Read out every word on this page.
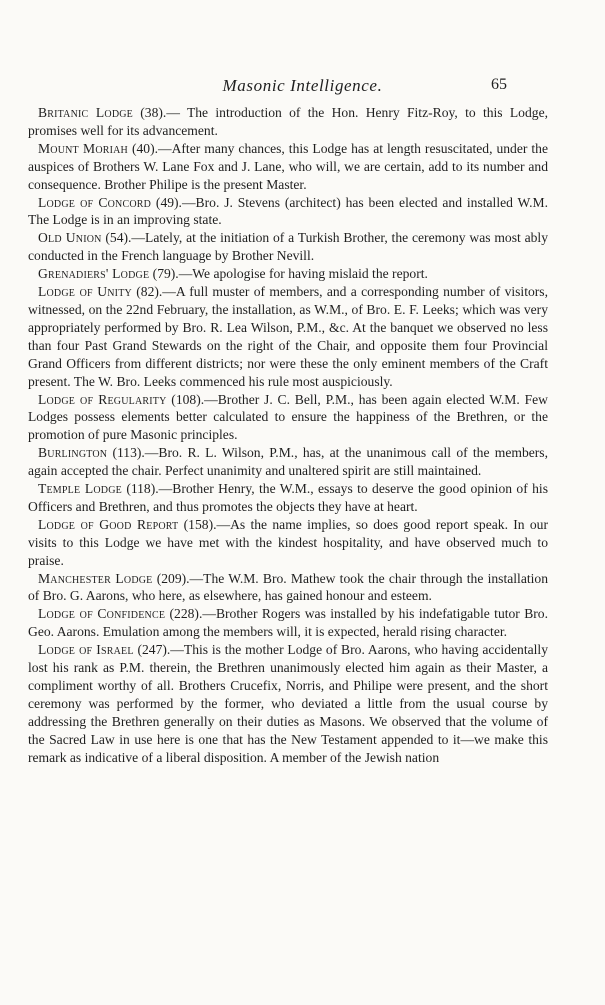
Masonic Intelligence.	65

Britanic Lodge (38).— The introduction of the Hon. Henry Fitz-Roy, to this Lodge, promises well for its advancement.

Mount Moriah (40).—After many chances, this Lodge has at length resuscitated, under the auspices of Brothers W. Lane Fox and J. Lane, who will, we are certain, add to its number and consequence. Brother Philipe is the present Master.

Lodge of Concord (49).—Bro. J. Stevens (architect) has been elected and installed W.M. The Lodge is in an improving state.

Old Union (54).—Lately, at the initiation of a Turkish Brother, the ceremony was most ably conducted in the French language by Brother Nevill.

Grenadiers' Lodge (79).—We apologise for having mislaid the report.

Lodge of Unity (82).—A full muster of members, and a corresponding number of visitors, witnessed, on the 22nd February, the installation, as W.M., of Bro. E. F. Leeks; which was very appropriately performed by Bro. R. Lea Wilson, P.M., &c. At the banquet we observed no less than four Past Grand Stewards on the right of the Chair, and opposite them four Provincial Grand Officers from different districts; nor were these the only eminent members of the Craft present. The W. Bro. Leeks commenced his rule most auspiciously.

Lodge of Regularity (108).—Brother J. C. Bell, P.M., has been again elected W.M. Few Lodges possess elements better calculated to ensure the happiness of the Brethren, or the promotion of pure Masonic principles.

Burlington (113).—Bro. R. L. Wilson, P.M., has, at the unanimous call of the members, again accepted the chair. Perfect unanimity and unaltered spirit are still maintained.

Temple Lodge (118).—Brother Henry, the W.M., essays to deserve the good opinion of his Officers and Brethren, and thus promotes the objects they have at heart.

Lodge of Good Report (158).—As the name implies, so does good report speak. In our visits to this Lodge we have met with the kindest hospitality, and have observed much to praise.

Manchester Lodge (209).—The W.M. Bro. Mathew took the chair through the installation of Bro. G. Aarons, who here, as elsewhere, has gained honour and esteem.

Lodge of Confidence (228).—Brother Rogers was installed by his indefatigable tutor Bro. Geo. Aarons. Emulation among the members will, it is expected, herald rising character.

Lodge of Israel (247).—This is the mother Lodge of Bro. Aarons, who having accidentally lost his rank as P.M. therein, the Brethren unanimously elected him again as their Master, a compliment worthy of all. Brothers Crucefix, Norris, and Philipe were present, and the short ceremony was performed by the former, who deviated a little from the usual course by addressing the Brethren generally on their duties as Masons. We observed that the volume of the Sacred Law in use here is one that has the New Testament appended to it—we make this remark as indicative of a liberal disposition. A member of the Jewish nation
